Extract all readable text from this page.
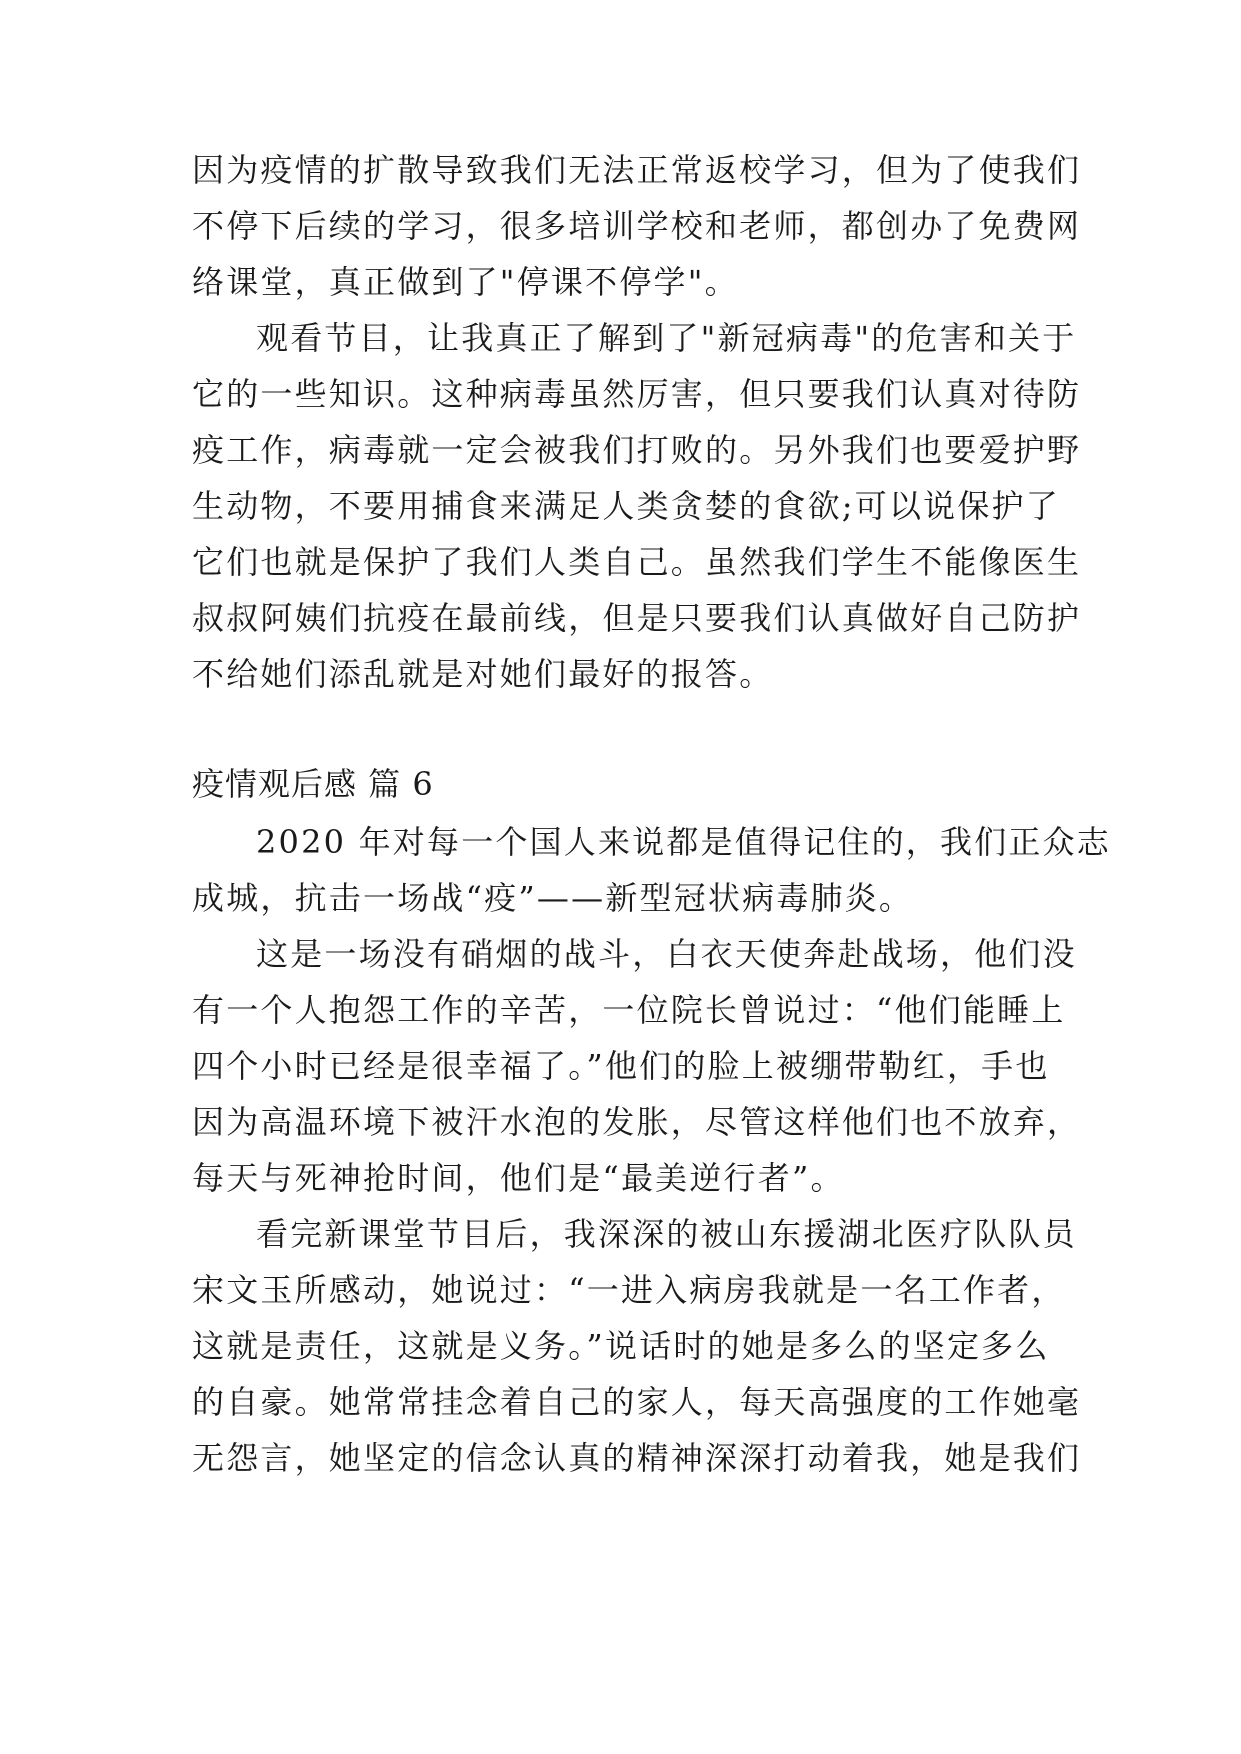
因为疫情的扩散导致我们无法正常返校学习，但为了使我们
不停下后续的学习，很多培训学校和老师，都创办了免费网
络课堂，真正做到了"停课不停学"。
观看节目，让我真正了解到了"新冠病毒"的危害和关于
它的一些知识。这种病毒虽然厉害，但只要我们认真对待防
疫工作，病毒就一定会被我们打败的。另外我们也要爱护野
生动物，不要用捕食来满足人类贪婪的食欲;可以说保护了
它们也就是保护了我们人类自己。虽然我们学生不能像医生
叔叔阿姨们抗疫在最前线，但是只要我们认真做好自己防护
不给她们添乱就是对她们最好的报答。
疫情观后感 篇 6
2020 年对每一个国人来说都是值得记住的，我们正众志
成城，抗击一场战“疫”——新型冠状病毒肺炎。
这是一场没有硝烟的战斗，白衣天使奔赴战场，他们没
有一个人抱怨工作的辛苦，一位院长曾说过：“他们能睡上
四个小时已经是很幸福了。”他们的脸上被绷带勒红，手也
因为高温环境下被汗水泡的发胀，尽管这样他们也不放弃，
每天与死神抢时间，他们是“最美逆行者”。
看完新课堂节目后，我深深的被山东援湖北医疗队队员
宋文玉所感动，她说过：“一进入病房我就是一名工作者，
这就是责任，这就是义务。”说话时的她是多么的坚定多么
的自豪。她常常挂念着自己的家人，每天高强度的工作她毫
无怨言，她坚定的信念认真的精神深深打动着我，她是我们
